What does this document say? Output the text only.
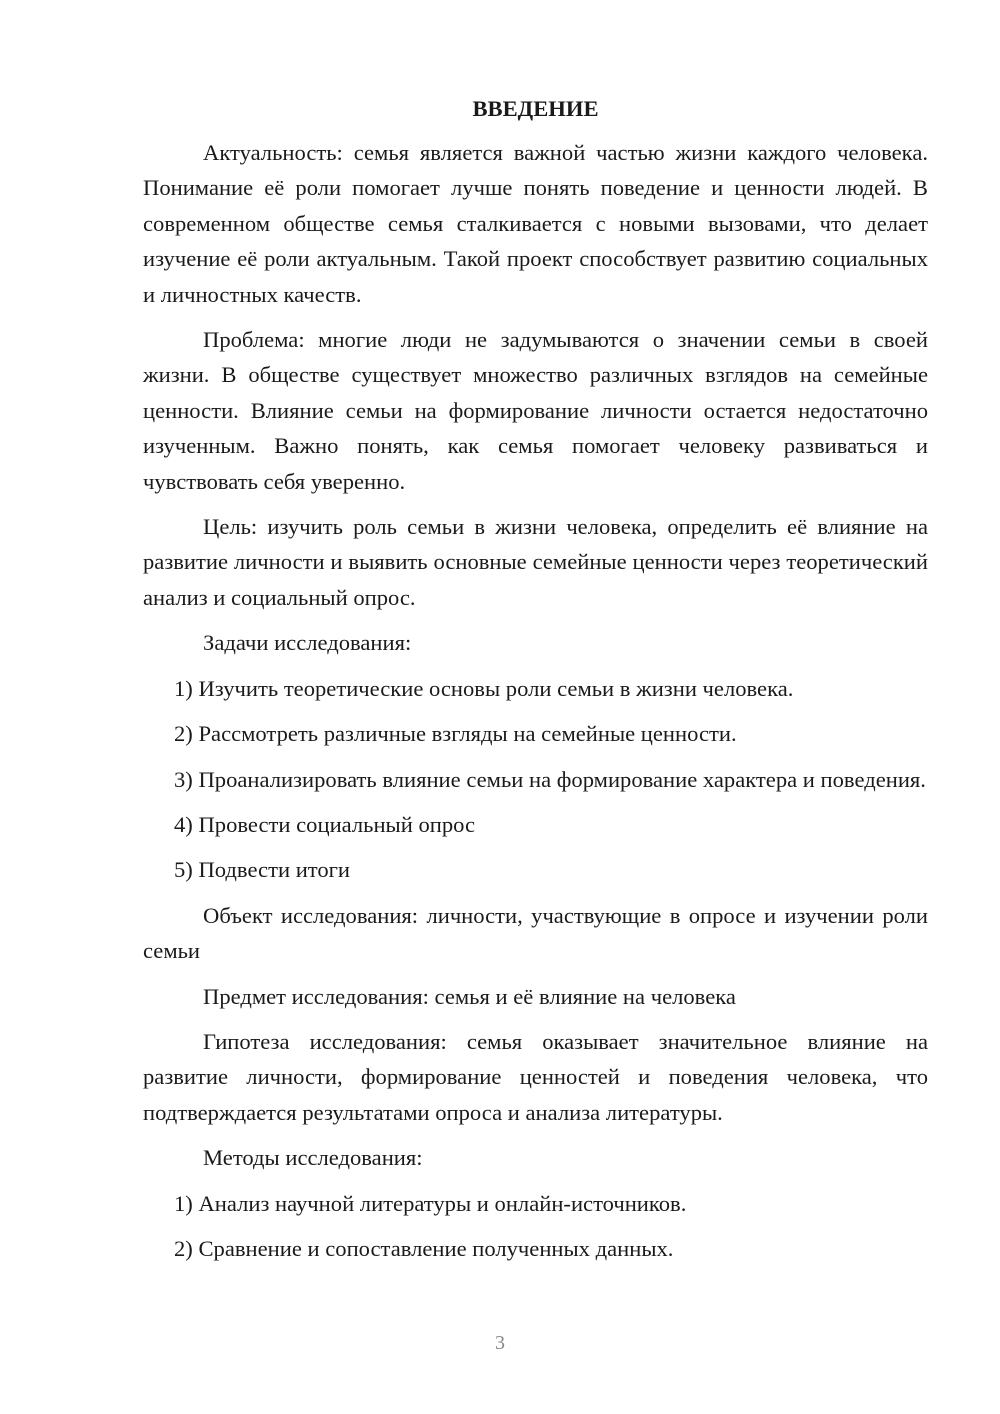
ВВЕДЕНИЕ

Актуальность: семья является важной частью жизни каждого человека. Понимание её роли помогает лучше понять поведение и ценности людей. В современном обществе семья сталкивается с новыми вызовами, что делает изучение её роли актуальным. Такой проект способствует развитию социальных и личностных качеств.

Проблема: многие люди не задумываются о значении семьи в своей жизни. В обществе существует множество различных взглядов на семейные ценности. Влияние семьи на формирование личности остается недостаточно изученным. Важно понять, как семья помогает человеку развиваться и чувствовать себя уверенно.

Цель: изучить роль семьи в жизни человека, определить её влияние на развитие личности и выявить основные семейные ценности через теоретический анализ и социальный опрос.

Задачи исследования:

1) Изучить теоретические основы роли семьи в жизни человека.

2) Рассмотреть различные взгляды на семейные ценности.

3) Проанализировать влияние семьи на формирование характера и поведения.

4) Провести социальный опрос

5) Подвести итоги

Объект исследования: личности, участвующие в опросе и изучении роли семьи

Предмет исследования: семья и её влияние на человека

Гипотеза исследования: семья оказывает значительное влияние на развитие личности, формирование ценностей и поведения человека, что подтверждается результатами опроса и анализа литературы.

Методы исследования:

1) Анализ научной литературы и онлайн-источников.

2) Сравнение и сопоставление полученных данных.

3
